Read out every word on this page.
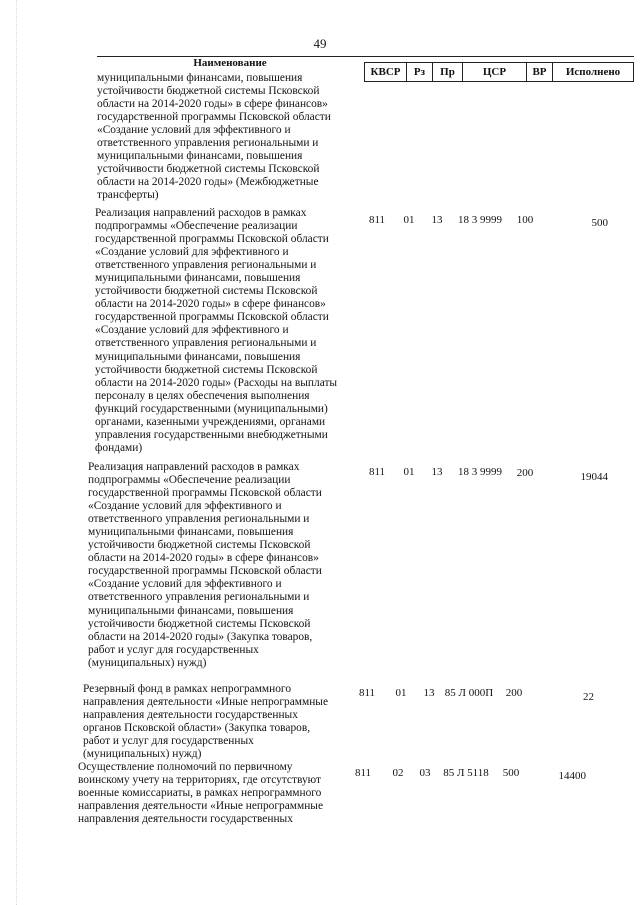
49
Наименование
КВСР	Рз	Пр	ЦСР	ВР	Исполнено
муниципальными финансами, повышения
устойчивости бюджетной системы Псковской
области на 2014-2020 годы» в сфере финансов»
государственной программы Псковской области
«Создание условий для эффективного и
ответственного управления региональными и
муниципальными финансами, повышения
устойчивости бюджетной системы Псковской
области на 2014-2020 годы» (Межбюджетные
трансферты)
Реализация направлений расходов в рамках
подпрограммы «Обеспечение реализации
государственной программы Псковской области
«Создание условий для эффективного и
ответственного управления региональными и
муниципальными финансами, повышения
устойчивости бюджетной системы Псковской
области на 2014-2020 годы» в сфере финансов»
государственной программы Псковской области
«Создание условий для эффективного и
ответственного управления региональными и
муниципальными финансами, повышения
устойчивости бюджетной системы Псковской
области на 2014-2020 годы» (Расходы на выплаты
персоналу в целях обеспечения выполнения
функций государственными (муниципальными)
органами, казенными учреждениями, органами
управления государственными внебюджетными
фондами)
811	01	13	18 3 9999	100	500
Реализация направлений расходов в рамках
подпрограммы «Обеспечение реализации
государственной программы Псковской области
«Создание условий для эффективного и
ответственного управления региональными и
муниципальными финансами, повышения
устойчивости бюджетной системы Псковской
области на 2014-2020 годы» в сфере финансов»
государственной программы Псковской области
«Создание условий для эффективного и
ответственного управления региональными и
муниципальными финансами, повышения
устойчивости бюджетной системы Псковской
области на 2014-2020 годы» (Закупка товаров,
работ и услуг для государственных
(муниципальных) нужд)
811	01	13	18 3 9999	200	19044
Резервный фонд в рамках непрограммного
направления деятельности «Иные непрограммные
направления деятельности государственных
органов Псковской области» (Закупка товаров,
работ и услуг для государственных
(муниципальных) нужд)
811	01	13 85 Л 000П	200	22
Осуществление полномочий по первичному
воинскому учету на территориях, где отсутствуют
военные комиссариаты, в рамках непрограммного
направления деятельности «Иные непрограммные
направления деятельности государственных
811	02	03	85 Л 5118	500	14400
